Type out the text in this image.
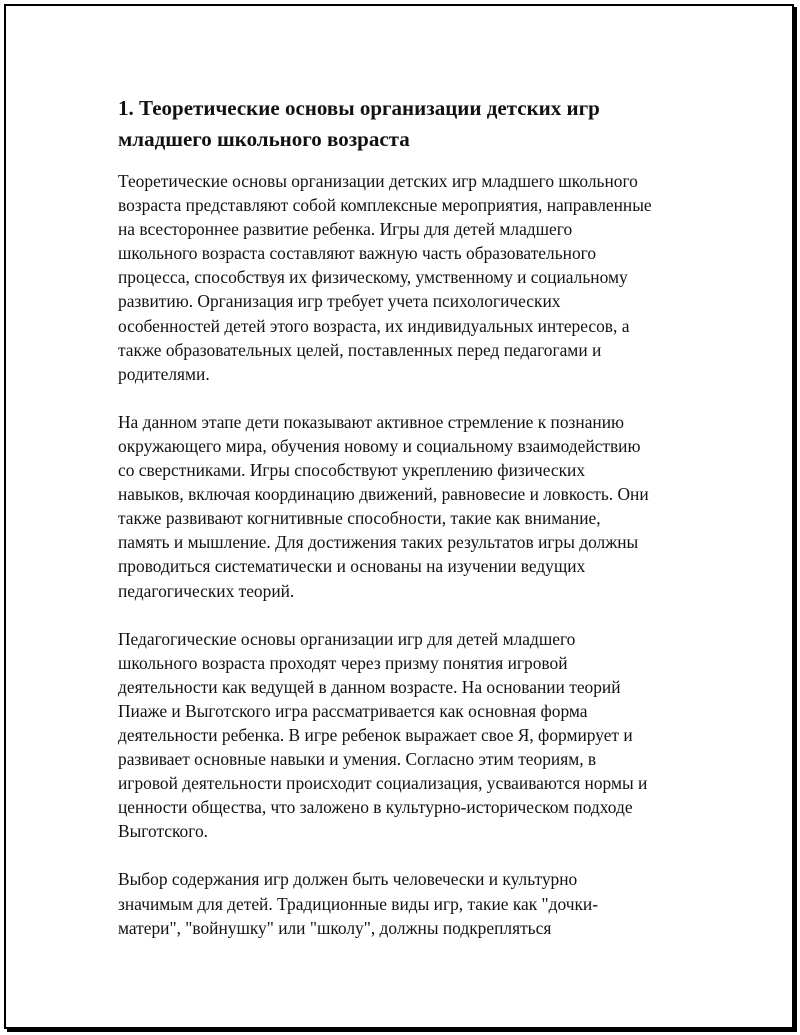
1. Теоретические основы организации детских игр
младшего школьного возраста
Теоретические основы организации детских игр младшего школьного
возраста представляют собой комплексные мероприятия, направленные
на всестороннее развитие ребенка. Игры для детей младшего
школьного возраста составляют важную часть образовательного
процесса, способствуя их физическому, умственному и социальному
развитию. Организация игр требует учета психологических
особенностей детей этого возраста, их индивидуальных интересов, а
также образовательных целей, поставленных перед педагогами и
родителями.
На данном этапе дети показывают активное стремление к познанию
окружающего мира, обучения новому и социальному взаимодействию
со сверстниками. Игры способствуют укреплению физических
навыков, включая координацию движений, равновесие и ловкость. Они
также развивают когнитивные способности, такие как внимание,
память и мышление. Для достижения таких результатов игры должны
проводиться систематически и основаны на изучении ведущих
педагогических теорий.
Педагогические основы организации игр для детей младшего
школьного возраста проходят через призму понятия игровой
деятельности как ведущей в данном возрасте. На основании теорий
Пиаже и Выготского игра рассматривается как основная форма
деятельности ребенка. В игре ребенок выражает свое Я, формирует и
развивает основные навыки и умения. Согласно этим теориям, в
игровой деятельности происходит социализация, усваиваются нормы и
ценности общества, что заложено в культурно-историческом подходе
Выготского.
Выбор содержания игр должен быть человечески и культурно
значимым для детей. Традиционные виды игр, такие как "дочки-
матери", "войнушку" или "школу", должны подкрепляться
